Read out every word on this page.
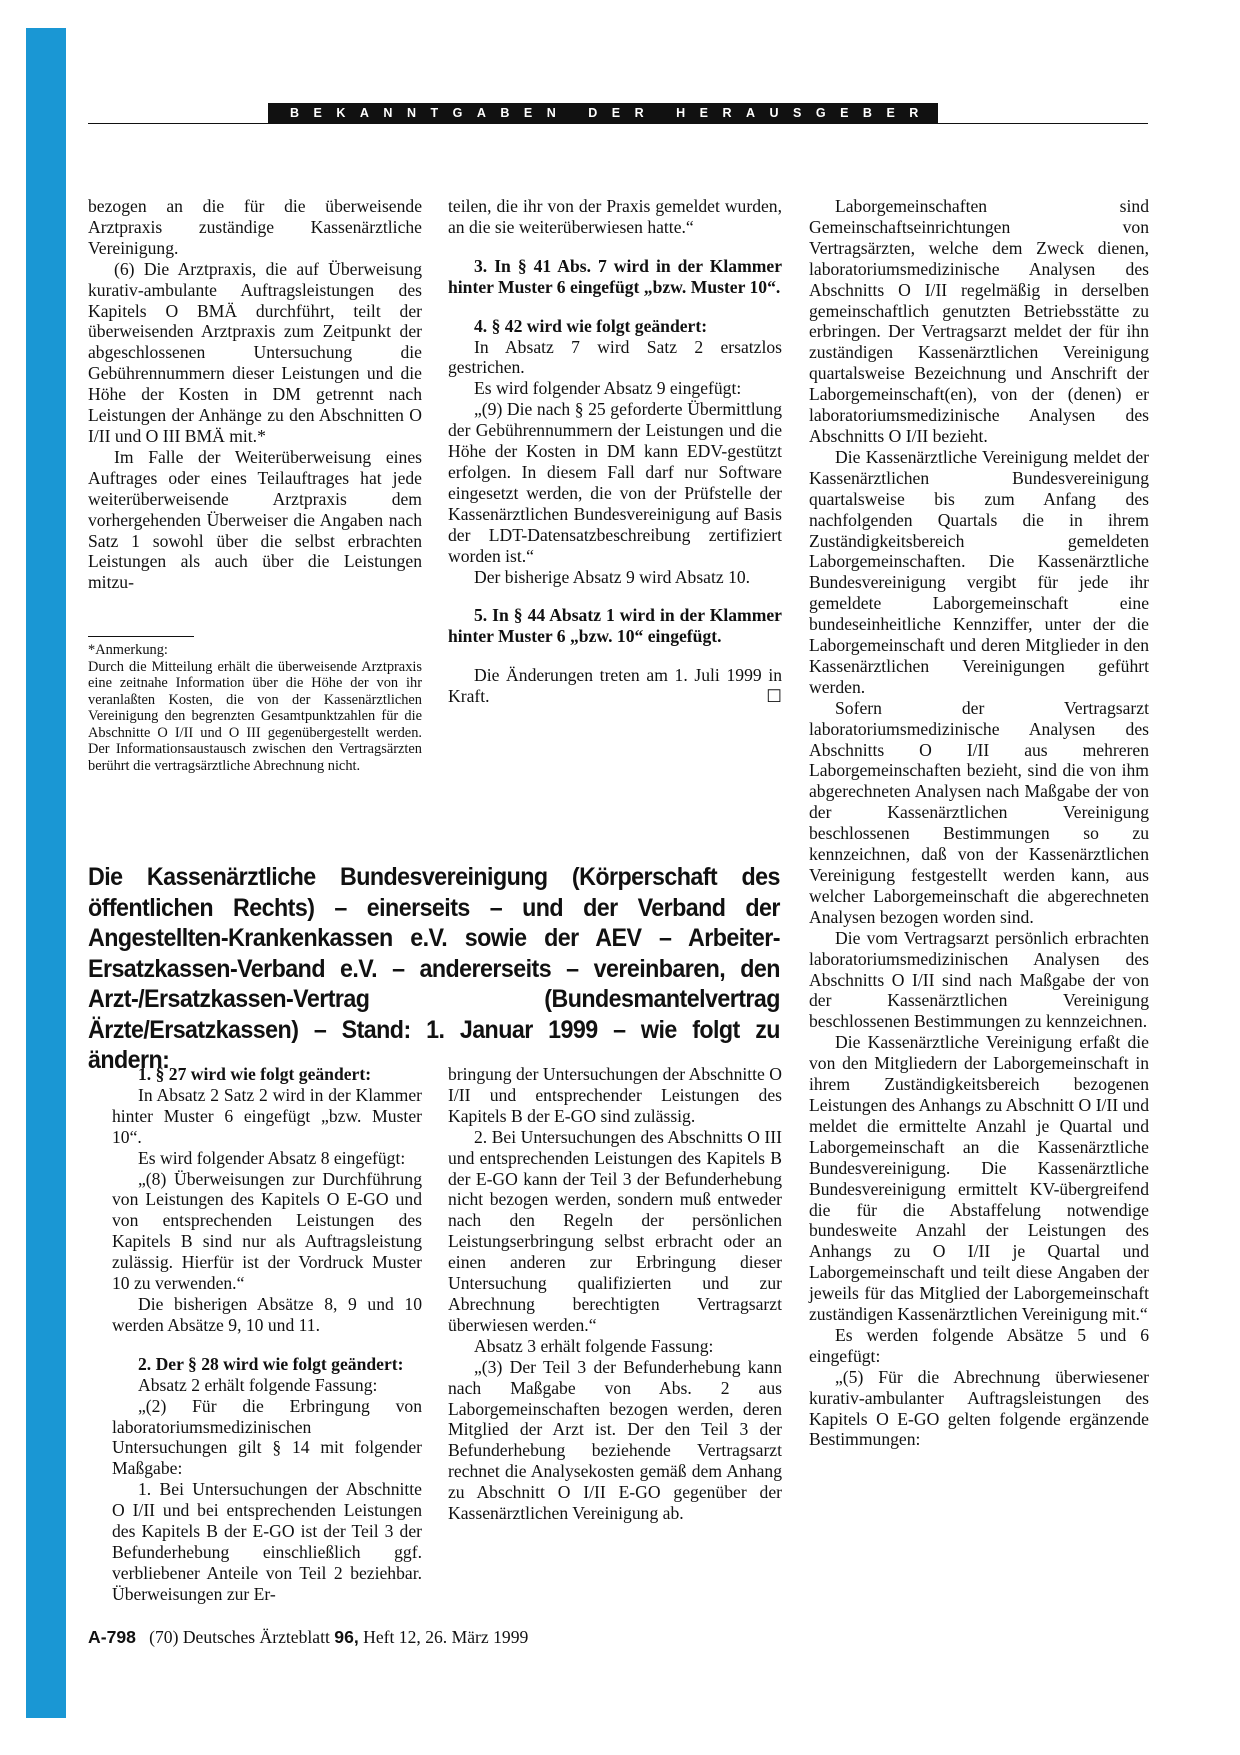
BEKANNTGABEN DER HERAUSGEBER

bezogen an die für die überweisende Arztpraxis zuständige Kassenärztliche Vereinigung.

(6) Die Arztpraxis, die auf Überweisung kurativ-ambulante Auftragsleistungen des Kapitels O BMÄ durchführt, teilt der überweisenden Arztpraxis zum Zeitpunkt der abgeschlossenen Untersuchung die Gebührennummern dieser Leistungen und die Höhe der Kosten in DM getrennt nach Leistungen der Anhänge zu den Abschnitten O I/II und O III BMÄ mit.*

Im Falle der Weiterüberweisung eines Auftrages oder eines Teilauftrages hat jede weiterüberweisende Arztpraxis dem vorhergehenden Überweiser die Angaben nach Satz 1 sowohl über die selbst erbrachten Leistungen als auch über die Leistungen mitzu-

*Anmerkung:

Durch die Mitteilung erhält die überweisende Arztpraxis eine zeitnahe Information über die Höhe der von ihr veranlaßten Kosten, die von der Kassenärztlichen Vereinigung den begrenzten Gesamtpunktzahlen für die Abschnitte O I/II und O III gegenübergestellt werden. Der Informationsaustausch zwischen den Vertragsärzten berührt die vertragsärztliche Abrechnung nicht.

teilen, die ihr von der Praxis gemeldet wurden, an die sie weiterüberwiesen hatte.“

3. In § 41 Abs. 7 wird in der Klammer hinter Muster 6 eingefügt „bzw. Muster 10“.

4. § 42 wird wie folgt geändert:

In Absatz 7 wird Satz 2 ersatzlos gestrichen.

Es wird folgender Absatz 9 eingefügt:

„(9) Die nach § 25 geforderte Übermittlung der Gebührennummern der Leistungen und die Höhe der Kosten in DM kann EDV-gestützt erfolgen. In diesem Fall darf nur Software eingesetzt werden, die von der Prüfstelle der Kassenärztlichen Bundesvereinigung auf Basis der LDT-Datensatzbeschreibung zertifiziert worden ist.“

Der bisherige Absatz 9 wird Absatz 10.

5. In § 44 Absatz 1 wird in der Klammer hinter Muster 6 „bzw. 10“ eingefügt.

Die Änderungen treten am 1. Juli 1999 in Kraft.	☐

Laborgemeinschaften sind Gemeinschaftseinrichtungen von Vertragsärzten, welche dem Zweck dienen, laboratoriumsmedizinische Analysen des Abschnitts O I/II regelmäßig in derselben gemeinschaftlich genutzten Betriebsstätte zu erbringen. Der Vertragsarzt meldet der für ihn zuständigen Kassenärztlichen Vereinigung quartalsweise Bezeichnung und Anschrift der Laborgemeinschaft(en), von der (denen) er laboratoriumsmedizinische Analysen des Abschnitts O I/II bezieht.

Die Kassenärztliche Vereinigung meldet der Kassenärztlichen Bundesvereinigung quartalsweise bis zum Anfang des nachfolgenden Quartals die in ihrem Zuständigkeitsbereich gemeldeten Laborgemeinschaften. Die Kassenärztliche Bundesvereinigung vergibt für jede ihr gemeldete Laborgemeinschaft eine bundeseinheitliche Kennziffer, unter der die Laborgemeinschaft und deren Mitglieder in den Kassenärztlichen Vereinigungen geführt werden.

Sofern der Vertragsarzt laboratoriumsmedizinische Analysen des Abschnitts O I/II aus mehreren Laborgemeinschaften bezieht, sind die von ihm abgerechneten Analysen nach Maßgabe der von der Kassenärztlichen Vereinigung beschlossenen Bestimmungen so zu kennzeichnen, daß von der Kassenärztlichen Vereinigung festgestellt werden kann, aus welcher Laborgemeinschaft die abgerechneten Analysen bezogen worden sind.

Die vom Vertragsarzt persönlich erbrachten laboratoriumsmedizinischen Analysen des Abschnitts O I/II sind nach Maßgabe der von der Kassenärztlichen Vereinigung beschlossenen Bestimmungen zu kennzeichnen.

Die Kassenärztliche Vereinigung erfaßt die von den Mitgliedern der Laborgemeinschaft in ihrem Zuständigkeitsbereich bezogenen Leistungen des Anhangs zu Abschnitt O I/II und meldet die ermittelte Anzahl je Quartal und Laborgemeinschaft an die Kassenärztliche Bundesvereinigung. Die Kassenärztliche Bundesvereinigung ermittelt KV-übergreifend die für die Abstaffelung notwendige bundesweite Anzahl der Leistungen des Anhangs zu O I/II je Quartal und Laborgemeinschaft und teilt diese Angaben der jeweils für das Mitglied der Laborgemeinschaft zuständigen Kassenärztlichen Vereinigung mit.“

Es werden folgende Absätze 5 und 6 eingefügt:

„(5) Für die Abrechnung überwiesener kurativ-ambulanter Auftragsleistungen des Kapitels O E-GO gelten folgende ergänzende Bestimmungen:

Die Kassenärztliche Bundesvereinigung (Körperschaft des öffentlichen Rechts) – einerseits – und der Verband der Angestellten-Krankenkassen e.V. sowie der AEV – Arbeiter-Ersatzkassen-Verband e.V. – andererseits – vereinbaren, den Arzt-/Ersatzkassen-Vertrag (Bundesmantelvertrag Ärzte/Ersatzkassen) – Stand: 1. Januar 1999 – wie folgt zu ändern:

1. § 27 wird wie folgt geändert:

In Absatz 2 Satz 2 wird in der Klammer hinter Muster 6 eingefügt „bzw. Muster 10“.

Es wird folgender Absatz 8 eingefügt:

„(8) Überweisungen zur Durchführung von Leistungen des Kapitels O E-GO und von entsprechenden Leistungen des Kapitels B sind nur als Auftragsleistung zulässig. Hierfür ist der Vordruck Muster 10 zu verwenden.“

Die bisherigen Absätze 8, 9 und 10 werden Absätze 9, 10 und 11.

2. Der § 28 wird wie folgt geändert:

Absatz 2 erhält folgende Fassung:

„(2) Für die Erbringung von laboratoriumsmedizinischen Untersuchungen gilt § 14 mit folgender Maßgabe:

1. Bei Untersuchungen der Abschnitte O I/II und bei entsprechenden Leistungen des Kapitels B der E-GO ist der Teil 3 der Befunderhebung einschließlich ggf. verbliebener Anteile von Teil 2 beziehbar. Überweisungen zur Er-

bringung der Untersuchungen der Abschnitte O I/II und entsprechender Leistungen des Kapitels B der E-GO sind zulässig.

2. Bei Untersuchungen des Abschnitts O III und entsprechenden Leistungen des Kapitels B der E-GO kann der Teil 3 der Befunderhebung nicht bezogen werden, sondern muß entweder nach den Regeln der persönlichen Leistungserbringung selbst erbracht oder an einen anderen zur Erbringung dieser Untersuchung qualifizierten und zur Abrechnung berechtigten Vertragsarzt überwiesen werden.“

Absatz 3 erhält folgende Fassung:

„(3) Der Teil 3 der Befunderhebung kann nach Maßgabe von Abs. 2 aus Laborgemeinschaften bezogen werden, deren Mitglied der Arzt ist. Der den Teil 3 der Befunderhebung beziehende Vertragsarzt rechnet die Analysekosten gemäß dem Anhang zu Abschnitt O I/II E-GO gegenüber der Kassenärztlichen Vereinigung ab.

A-798 (70) Deutsches Ärzteblatt 96, Heft 12, 26. März 1999
